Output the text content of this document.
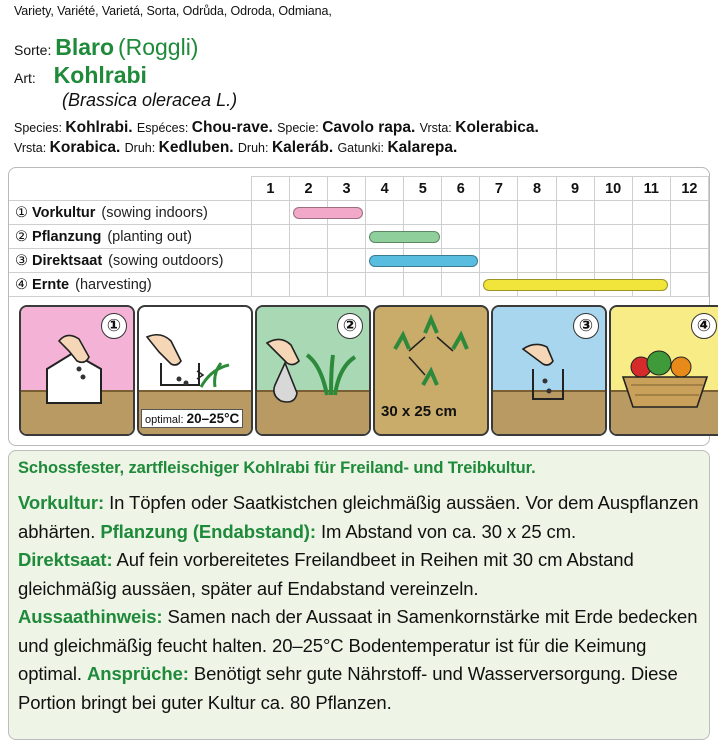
Variety, Variété, Varietá, Sorta, Odrůda, Odroda, Odmiana,
Sorte: Blaro (Roggli)
Art: Kohlrabi
(Brassica oleracea L.)
Species: Kohlrabi. Espéces: Chou-rave. Specie: Cavolo rapa. Vrsta: Kolerabica.
Vrsta: Korabica. Druh: Kedluben. Druh: Kaleráb. Gatunki: Kalarepa.
	1	2	3	4	5	6	7	8	9	10	11	12
① Vorkultur (sowing indoors)		

② Pflanzung (planting out)				

③ Direktsaat (sowing outdoors)				

④ Ernte (harvesting)							

①
optimal: 20–25°C
②
30 x 25 cm
③	④
Schossfester, zartfleischiger Kohlrabi für Freiland- und Treibkultur.
Vorkultur: In Töpfen oder Saatkistchen gleichmäßig aussäen. Vor dem Auspflanzen abhärten. Pflanzung (Endabstand): Im Abstand von ca. 30 x 25 cm.
Direktsaat: Auf fein vorbereitetes Freilandbeet in Reihen mit 30 cm Abstand gleichmäßig aussäen, später auf Endabstand vereinzeln.
Aussaathinweis: Samen nach der Aussaat in Samenkornstärke mit Erde bedecken und gleichmäßig feucht halten. 20–25°C Bodentemperatur ist für die Keimung optimal. Ansprüche: Benötigt sehr gute Nährstoff- und Wasserversorgung. Diese Portion bringt bei guter Kultur ca. 80 Pflanzen.
